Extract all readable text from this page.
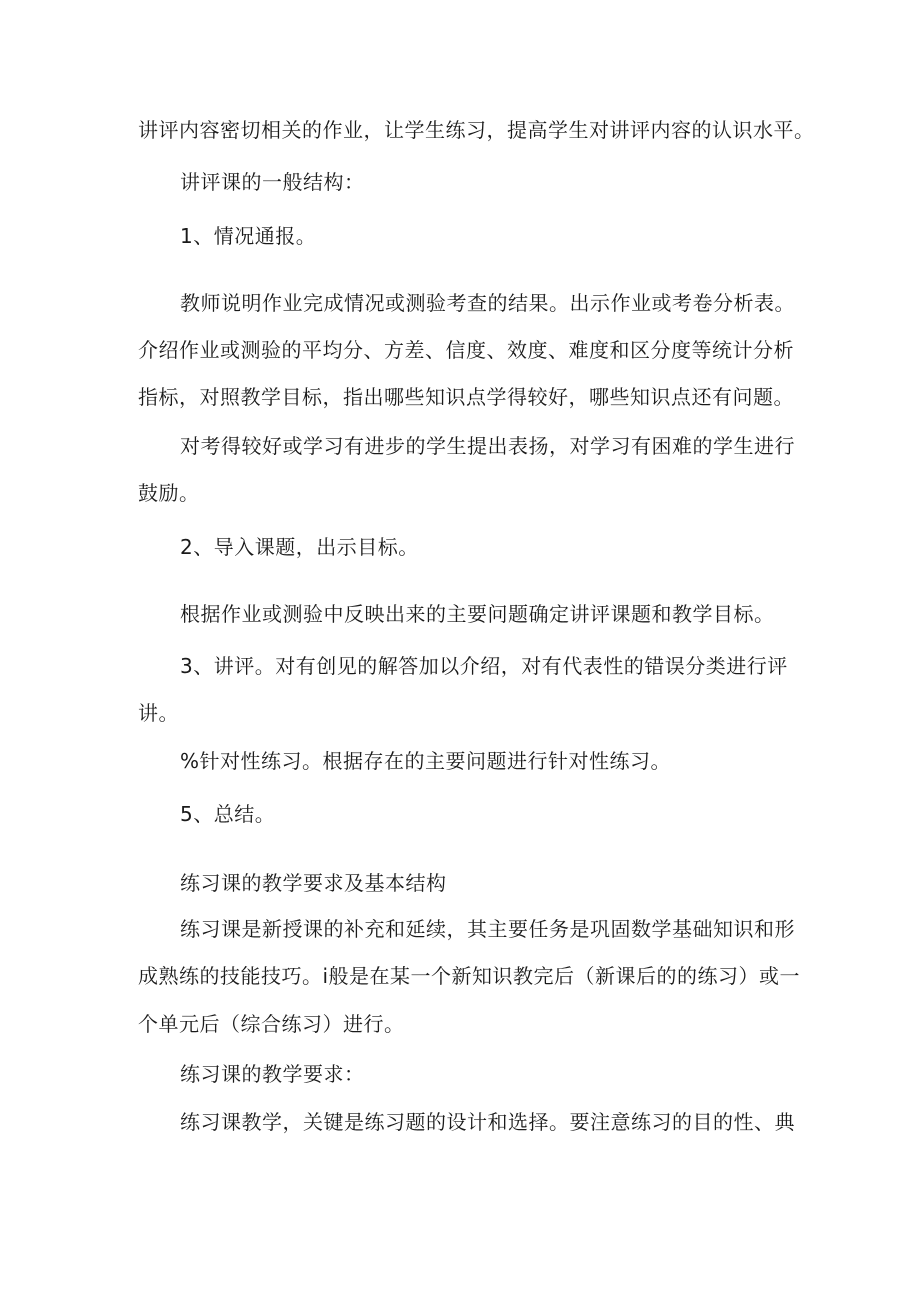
讲评内容密切相关的作业，让学生练习，提高学生对讲评内容的认识水平。
讲评课的一般结构：
1、情况通报。
教师说明作业完成情况或测验考查的结果。出示作业或考卷分析表。
介绍作业或测验的平均分、方差、信度、效度、难度和区分度等统计分析
指标，对照教学目标，指出哪些知识点学得较好，哪些知识点还有问题。
对考得较好或学习有进步的学生提出表扬，对学习有困难的学生进行
鼓励。
2、导入课题，出示目标。
根据作业或测验中反映出来的主要问题确定讲评课题和教学目标。
3、讲评。对有创见的解答加以介绍，对有代表性的错误分类进行评
讲。
%针对性练习。根据存在的主要问题进行针对性练习。
5、总结。
练习课的教学要求及基本结构
练习课是新授课的补充和延续，其主要任务是巩固数学基础知识和形
成熟练的技能技巧。i般是在某一个新知识教完后（新课后的的练习）或一
个单元后（综合练习）进行。
练习课的教学要求：
练习课教学，关键是练习题的设计和选择。要注意练习的目的性、典
